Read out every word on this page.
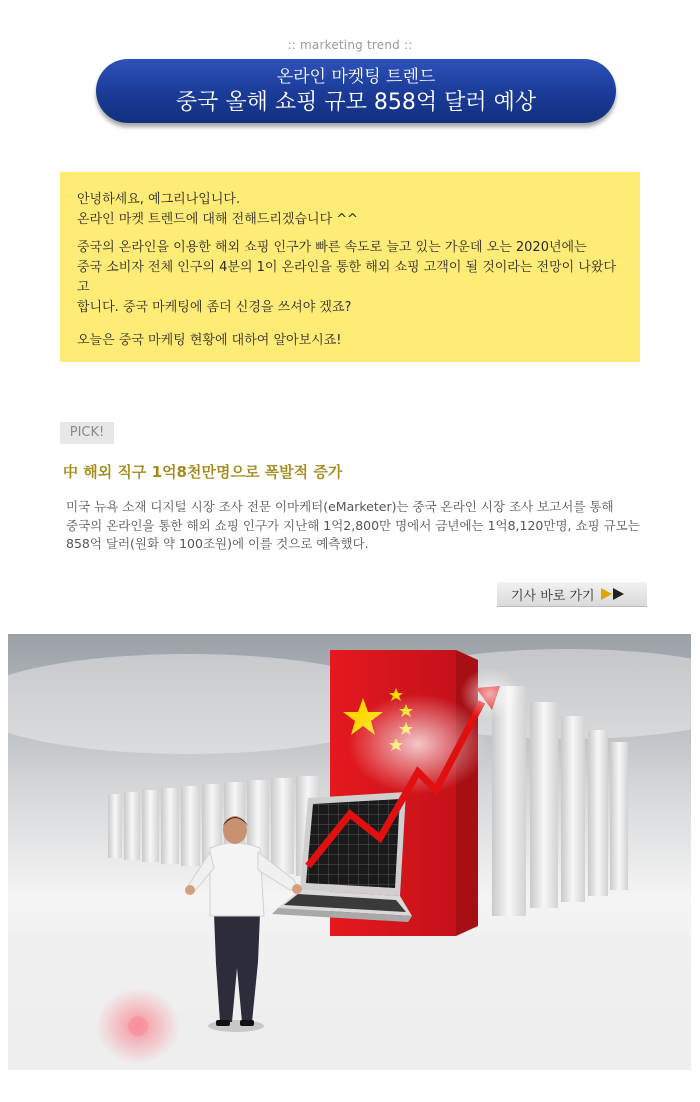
:: marketing trend ::
온라인 마켓팅 트렌드
중국 올해 쇼핑 규모 858억 달러 예상

안녕하세요, 예그리나입니다.

온라인 마켓 트렌드에 대해 전해드리겠습니다 ^^

중국의 온라인을 이용한 해외 쇼핑 인구가 빠른 속도로 늘고 있는 가운데 오는 2020년에는

중국 소비자 전체 인구의 4분의 1이 온라인을 통한 해외 쇼핑 고객이 될 것이라는 전망이 나왔다고

합니다. 중국 마케팅에 좀더 신경을 쓰셔야 겠죠?

오늘은 중국 마케팅 현황에 대하여 알아보시죠!

PICK!
中 해외 직구 1억8천만명으로 폭발적 증가

미국 뉴욕 소재 디지털 시장 조사 전문 이마케터(eMarketer)는 중국 온라인 시장 조사 보고서를 통해

중국의 온라인을 통한 해외 쇼핑 인구가 지난해 1억2,800만 명에서 금년에는 1억8,120만명, 쇼핑 규모는

858억 달러(원화 약 100조원)에 이를 것으로 예측했다.

기사 바로 가기
